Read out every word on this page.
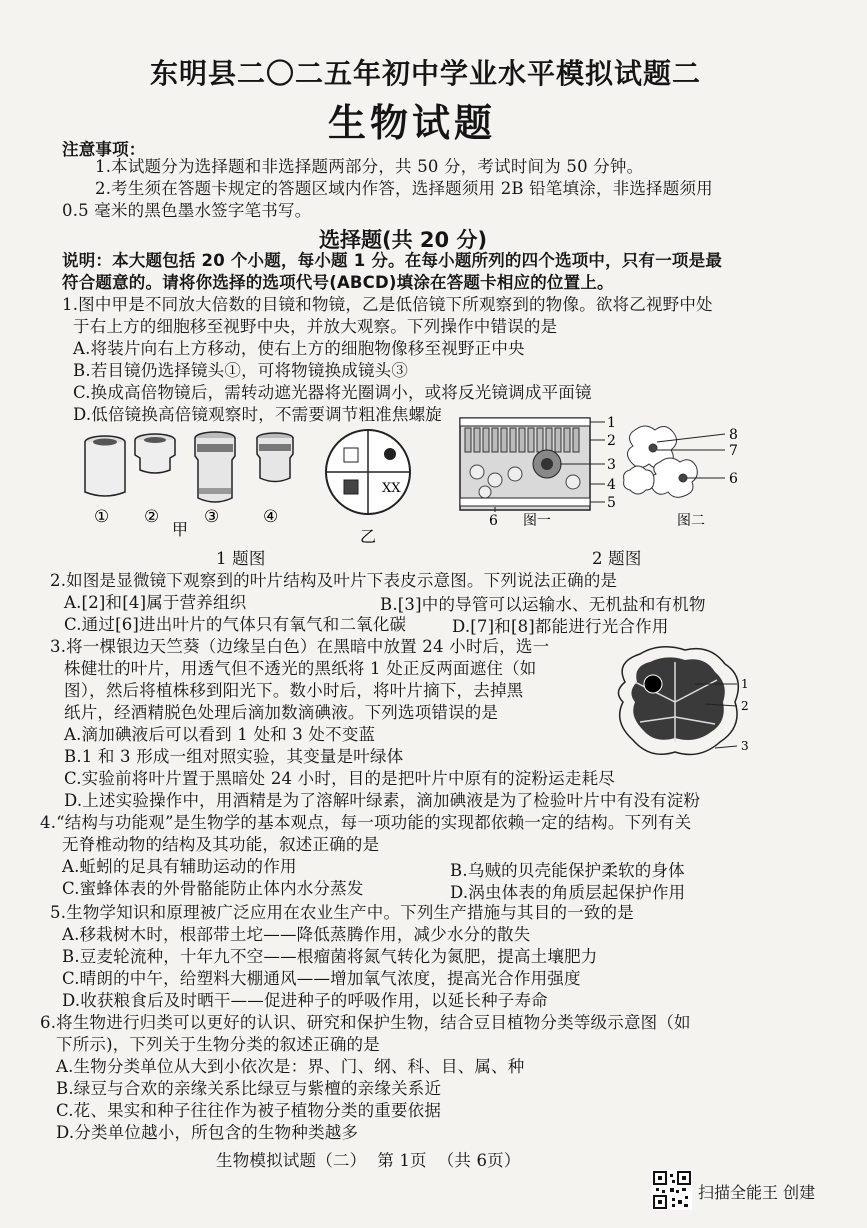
东明县二〇二五年初中学业水平模拟试题二
生物试题
注意事项：
1.本试题分为选择题和非选择题两部分，共 50 分，考试时间为 50 分钟。
2.考生须在答题卡规定的答题区域内作答，选择题须用 2B 铅笔填涂，非选择题须用
0.5 毫米的黑色墨水签字笔书写。
选择题(共 20 分)
说明：本大题包括 20 个小题，每小题 1 分。在每小题所列的四个选项中，只有一项是最
符合题意的。请将你选择的选项代号(ABCD)填涂在答题卡相应的位置上。
1.图中甲是不同放大倍数的目镜和物镜，乙是低倍镜下所观察到的物像。欲将乙视野中处
于右上方的细胞移至视野中央，并放大观察。下列操作中错误的是
A.将装片向右上方移动，使右上方的细胞物像移至视野正中央
B.若目镜仍选择镜头①，可将物镜换成镜头③
C.换成高倍物镜后，需转动遮光器将光圈调小，或将反光镜调成平面镜
D.低倍镜换高倍镜观察时，不需要调节粗准焦螺旋
① ②	③	④
甲
XX
乙
1 题图
1
2
3
4
5
6 图一
8
7
6
图二
2 题图
2.如图是显微镜下观察到的叶片结构及叶片下表皮示意图。下列说法正确的是
A.[2]和[4]属于营养组织	B.[3]中的导管可以运输水、无机盐和有机物
C.通过[6]进出叶片的气体只有氧气和二氧化碳	D.[7]和[8]都能进行光合作用
3.将一棵银边天竺葵（边缘呈白色）在黑暗中放置 24 小时后，选一
株健壮的叶片，用透气但不透光的黑纸将 1 处正反两面遮住（如
图），然后将植株移到阳光下。数小时后，将叶片摘下，去掉黑
纸片，经酒精脱色处理后滴加数滴碘液。下列选项错误的是
A.滴加碘液后可以看到 1 处和 3 处不变蓝
B.1 和 3 形成一组对照实验，其变量是叶绿体
C.实验前将叶片置于黑暗处 24 小时，目的是把叶片中原有的淀粉运走耗尽
D.上述实验操作中，用酒精是为了溶解叶绿素，滴加碘液是为了检验叶片中有没有淀粉
1
2
3
4.“结构与功能观”是生物学的基本观点，每一项功能的实现都依赖一定的结构。下列有关
无脊椎动物的结构及其功能，叙述正确的是
A.蚯蚓的足具有辅助运动的作用	B.乌贼的贝壳能保护柔软的身体
C.蜜蜂体表的外骨骼能防止体内水分蒸发	D.涡虫体表的角质层起保护作用
5.生物学知识和原理被广泛应用在农业生产中。下列生产措施与其目的一致的是
A.移栽树木时，根部带土坨——降低蒸腾作用，减少水分的散失
B.豆麦轮流种，十年九不空——根瘤菌将氮气转化为氮肥，提高土壤肥力
C.晴朗的中午，给塑料大棚通风——增加氧气浓度，提高光合作用强度
D.收获粮食后及时晒干——促进种子的呼吸作用，以延长种子寿命
6.将生物进行归类可以更好的认识、研究和保护生物，结合豆目植物分类等级示意图（如
下所示)，下列关于生物分类的叙述正确的是
A.生物分类单位从大到小依次是：界、门、纲、科、目、属、种
B.绿豆与合欢的亲缘关系比绿豆与紫檀的亲缘关系近
C.花、果实和种子往往作为被子植物分类的重要依据
D.分类单位越小，所包含的生物种类越多
生物模拟试题（二）  第 1页  （共 6页）
扫描全能王 创建
